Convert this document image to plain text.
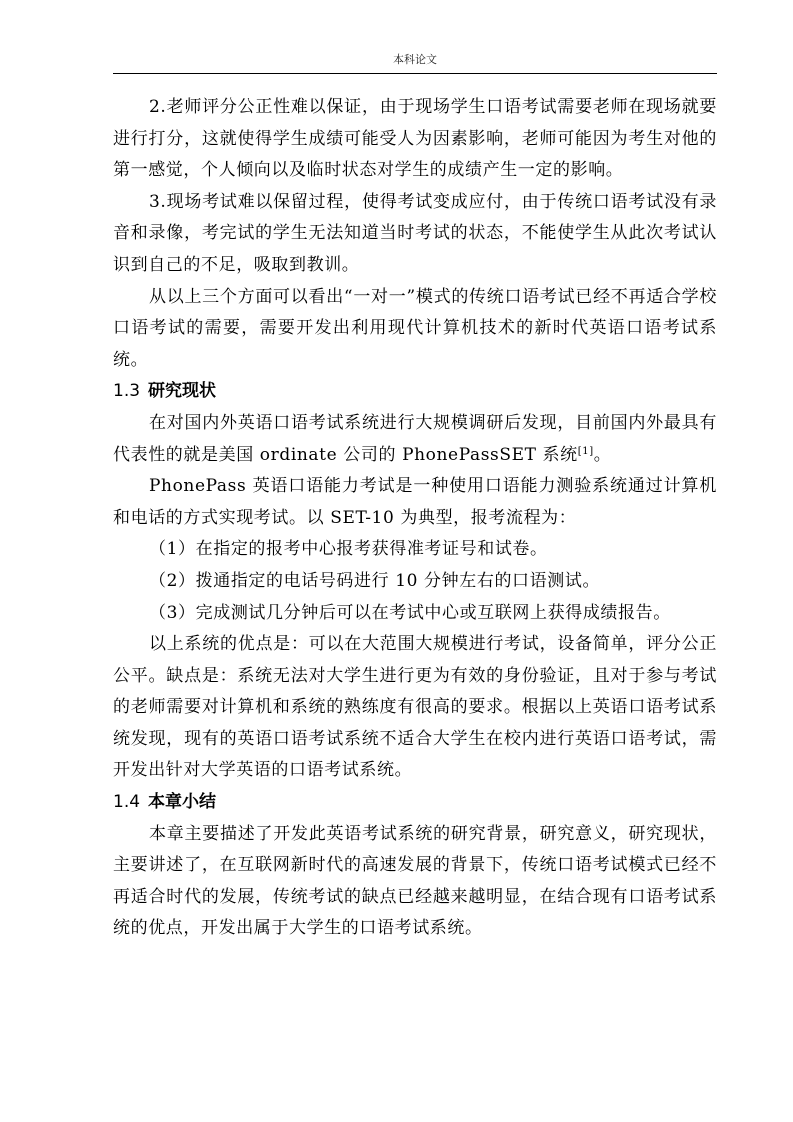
本科论文

2.老师评分公正性难以保证，由于现场学生口语考试需要老师在现场就要进行打分，这就使得学生成绩可能受人为因素影响，老师可能因为考生对他的第一感觉，个人倾向以及临时状态对学生的成绩产生一定的影响。

3.现场考试难以保留过程，使得考试变成应付，由于传统口语考试没有录音和录像，考完试的学生无法知道当时考试的状态，不能使学生从此次考试认识到自己的不足，吸取到教训。

从以上三个方面可以看出“一对一”模式的传统口语考试已经不再适合学校口语考试的需要，需要开发出利用现代计算机技术的新时代英语口语考试系统。

1.3 研究现状

在对国内外英语口语考试系统进行大规模调研后发现，目前国内外最具有代表性的就是美国 ordinate 公司的 PhonePassSET 系统[1]。

PhonePass 英语口语能力考试是一种使用口语能力测验系统通过计算机和电话的方式实现考试。以 SET-10 为典型，报考流程为：

（1）在指定的报考中心报考获得准考证号和试卷。

（2）拨通指定的电话号码进行 10 分钟左右的口语测试。

（3）完成测试几分钟后可以在考试中心或互联网上获得成绩报告。

以上系统的优点是：可以在大范围大规模进行考试，设备简单，评分公正公平。缺点是：系统无法对大学生进行更为有效的身份验证，且对于参与考试的老师需要对计算机和系统的熟练度有很高的要求。根据以上英语口语考试系统发现，现有的英语口语考试系统不适合大学生在校内进行英语口语考试，需开发出针对大学英语的口语考试系统。

1.4 本章小结

本章主要描述了开发此英语考试系统的研究背景，研究意义，研究现状，主要讲述了，在互联网新时代的高速发展的背景下，传统口语考试模式已经不再适合时代的发展，传统考试的缺点已经越来越明显，在结合现有口语考试系统的优点，开发出属于大学生的口语考试系统。
